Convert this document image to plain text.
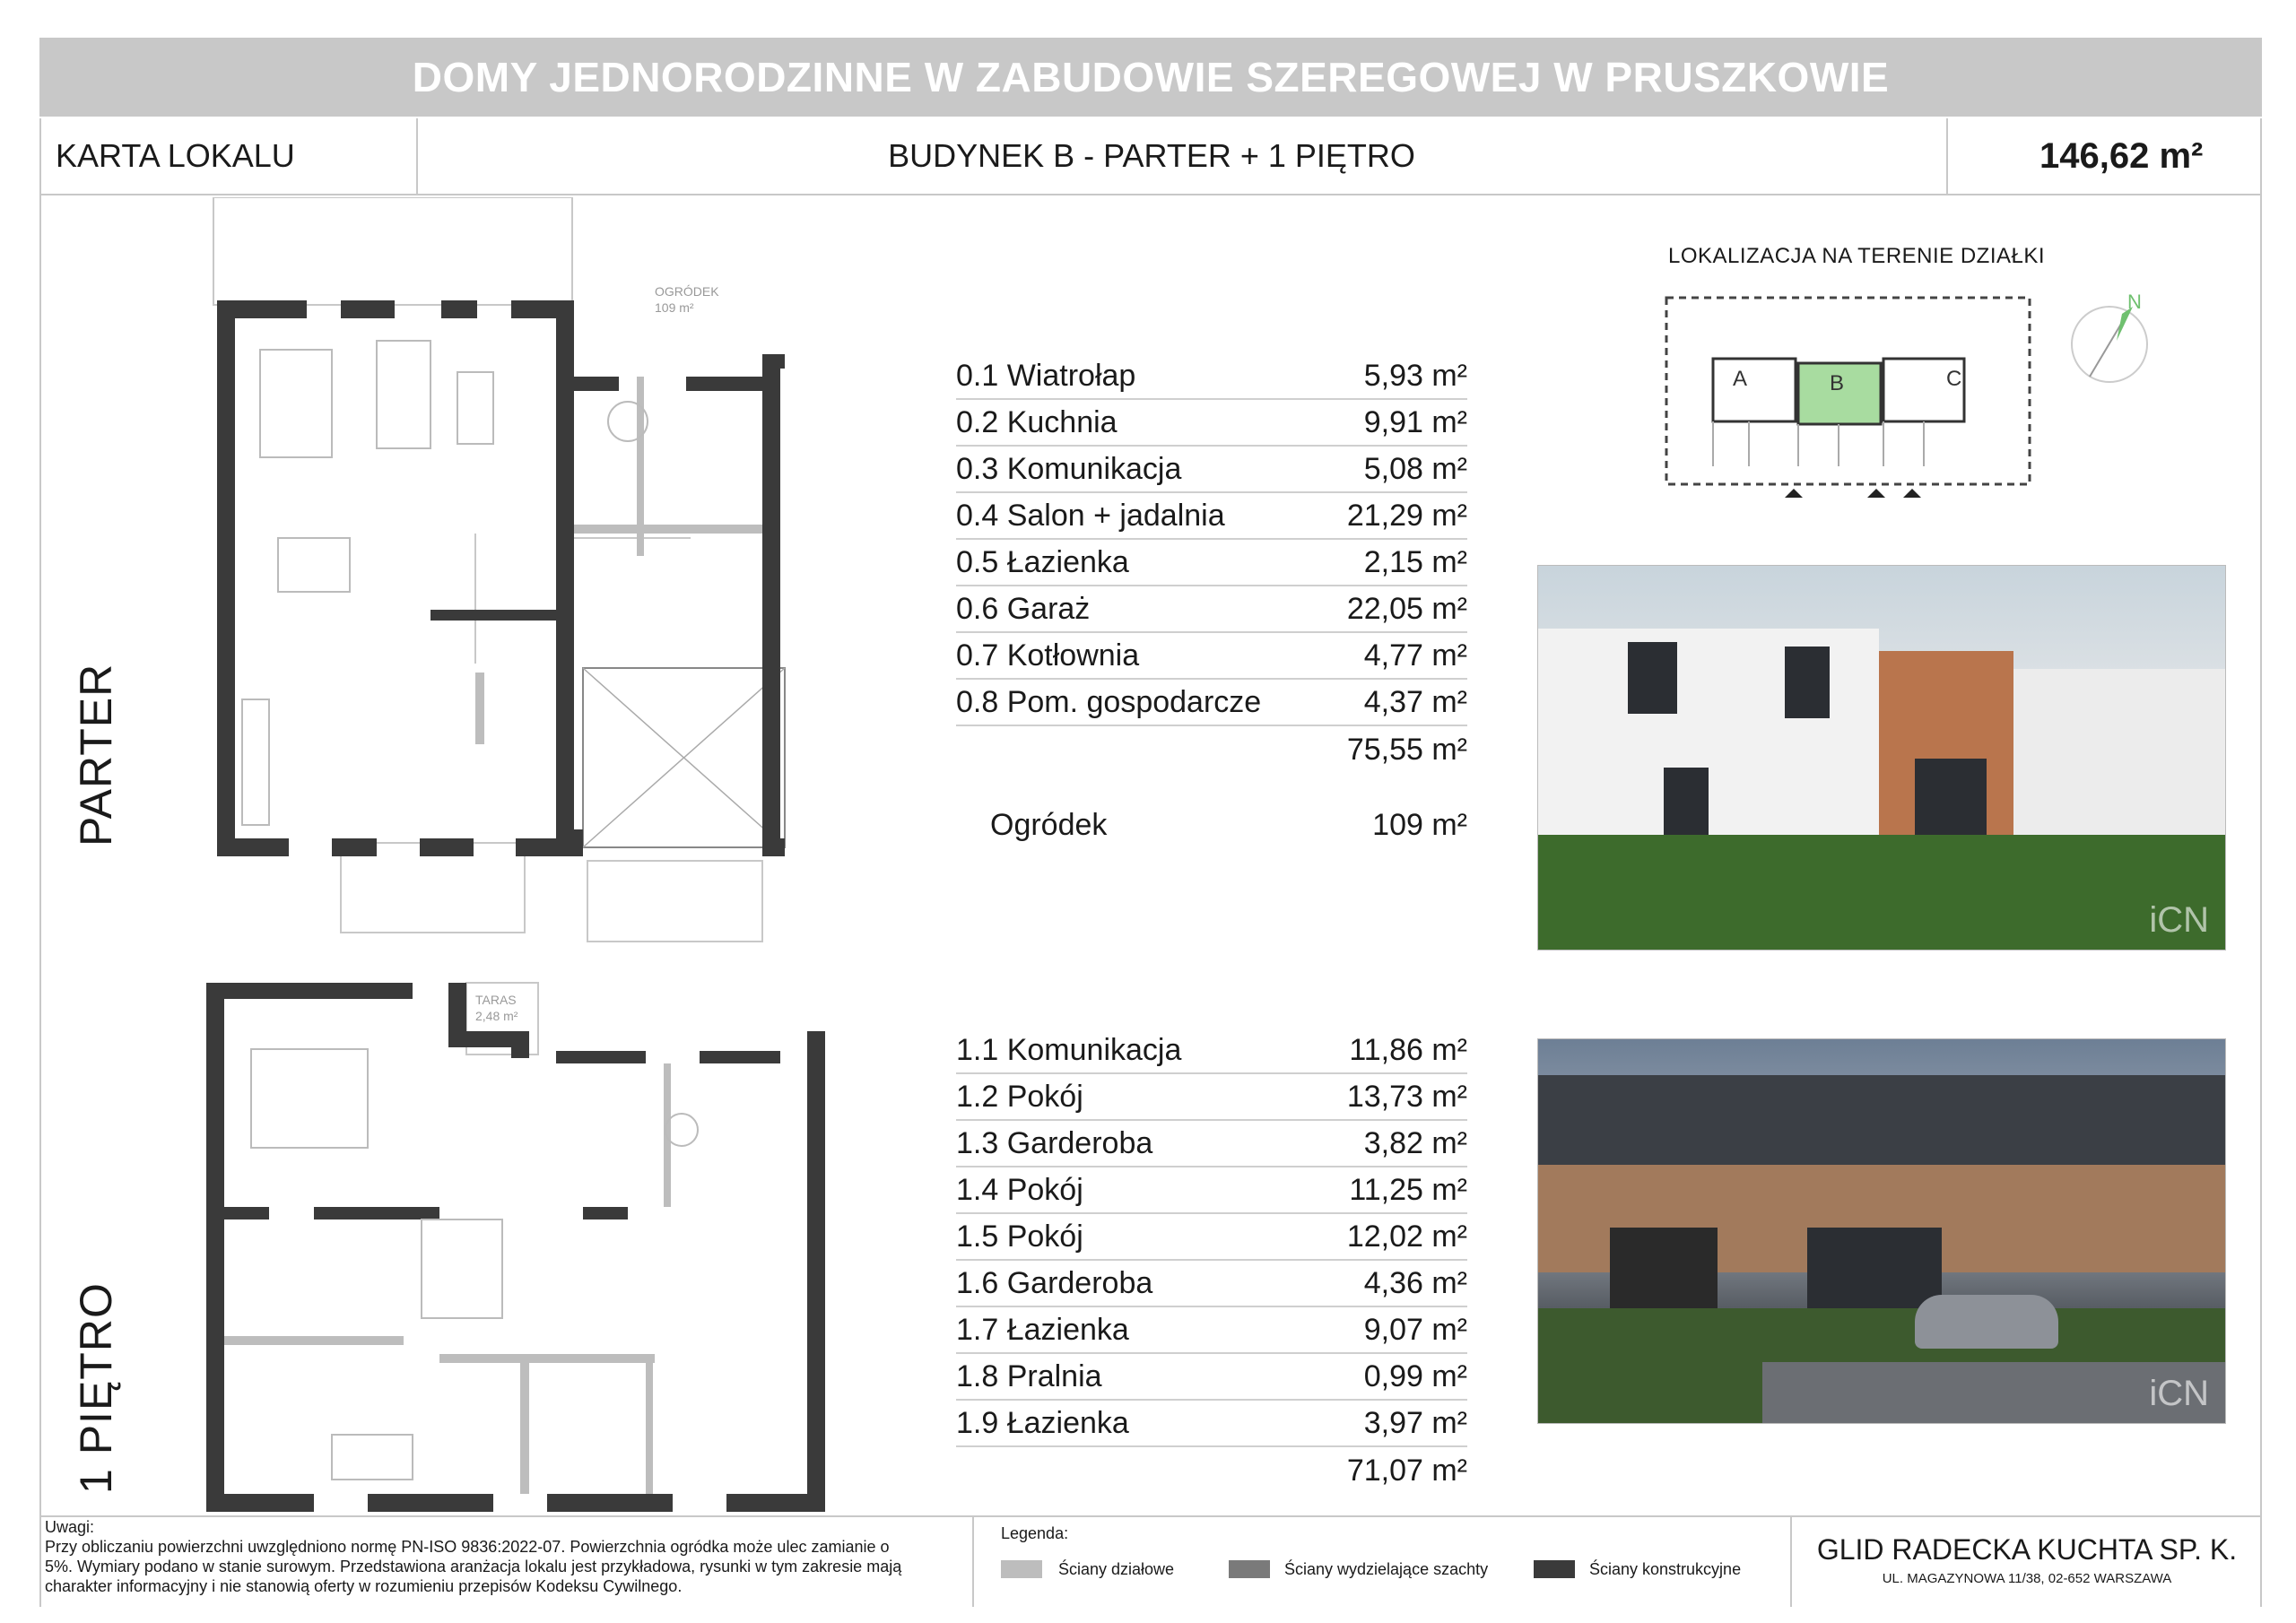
DOMY JEDNORODZINNE W ZABUDOWIE SZEREGOWEJ W PRUSZKOWIE
KARTA LOKALU	BUDYNEK B - PARTER + 1 PIĘTRO	146,62 m²
PARTER
1 PIĘTRO
OGRÓDEK
109 m²
TARAS
2,48 m²
0.1 Wiatrołap	5,93 m²
0.2 Kuchnia	9,91 m²
0.3 Komunikacja	5,08 m²
0.4 Salon + jadalnia	21,29 m²
0.5 Łazienka	2,15 m²
0.6 Garaż	22,05 m²
0.7 Kotłownia	4,77 m²
0.8 Pom. gospodarcze	4,37 m²
75,55 m²
Ogródek	109 m²
1.1 Komunikacja	11,86 m²
1.2 Pokój	13,73 m²
1.3 Garderoba	3,82 m²
1.4 Pokój	11,25 m²
1.5 Pokój	12,02 m²
1.6 Garderoba	4,36 m²
1.7 Łazienka	9,07 m²
1.8 Pralnia	0,99 m²
1.9 Łazienka	3,97 m²
71,07 m²
LOKALIZACJA NA TERENIE DZIAŁKI
A	B	C
N
iCN
iCN
Uwagi:
Przy obliczaniu powierzchni uwzględniono normę PN-ISO 9836:2022-07. Powierzchnia ogródka może ulec zamianie o
5%. Wymiary podano w stanie surowym. Przedstawiona aranżacja lokalu jest przykładowa, rysunki w tym zakresie mają
charakter informacyjny i nie stanowią oferty w rozumieniu przepisów Kodeksu Cywilnego.
Legenda:
Ściany działowe	Ściany wydzielające szachty	Ściany konstrukcyjne
GLID RADECKA KUCHTA SP. K.
UL. MAGAZYNOWA 11/38, 02-652 WARSZAWA
